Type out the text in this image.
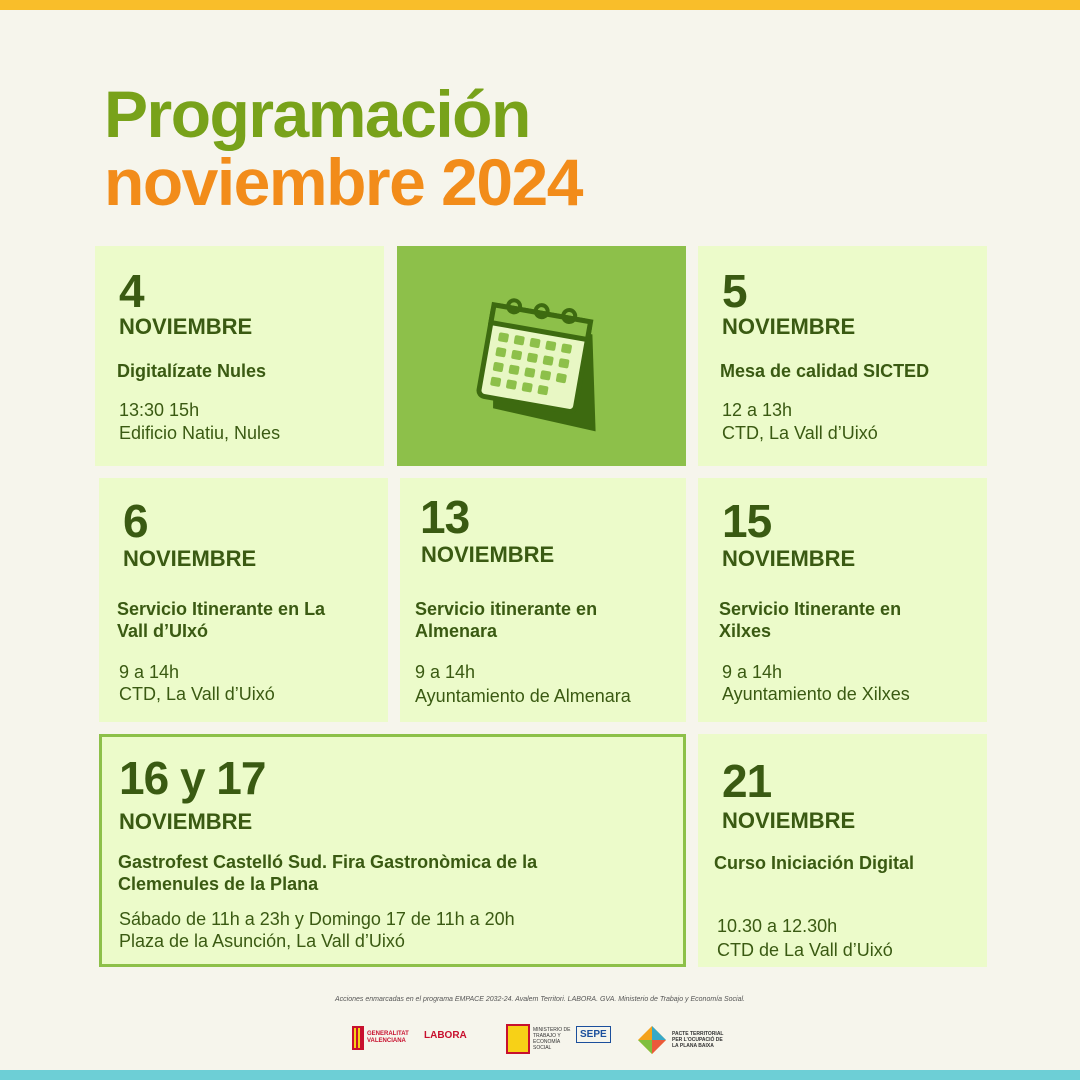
Programación
noviembre 2024
4
NOVIEMBRE
Digitalízate Nules
13:30 15h
Edificio Natiu, Nules
5
NOVIEMBRE
Mesa de calidad SICTED
12 a 13h
CTD, La Vall d’Uixó
6
NOVIEMBRE
Servicio Itinerante en La Vall d’UIxó
9 a 14h
CTD, La Vall d’Uixó
13
NOVIEMBRE
Servicio itinerante en Almenara
9 a 14h
Ayuntamiento de Almenara
15
NOVIEMBRE
Servicio Itinerante en Xilxes
9 a 14h
Ayuntamiento de Xilxes
16 y 17
NOVIEMBRE
Gastrofest Castelló Sud. Fira Gastronòmica de la Clemenules de la Plana
Sábado de 11h a 23h y Domingo 17 de 11h a 20h
Plaza de la Asunción, La Vall d’Uixó
21
NOVIEMBRE
Curso Iniciación Digital
10.30 a 12.30h
CTD de La Vall d’Uixó
Acciones enmarcadas en el programa EMPACE 2032-24. Avalem Territori. LABORA. GVA. Ministerio de Trabajo y Economía Social.
GENERALITAT VALENCIANA	LABORA	MINISTERIO DE TRABAJO Y ECONOMÍA SOCIAL
SEPE	PACTE TERRITORIAL PER L’OCUPACIÓ DE LA PLANA BAIXA
